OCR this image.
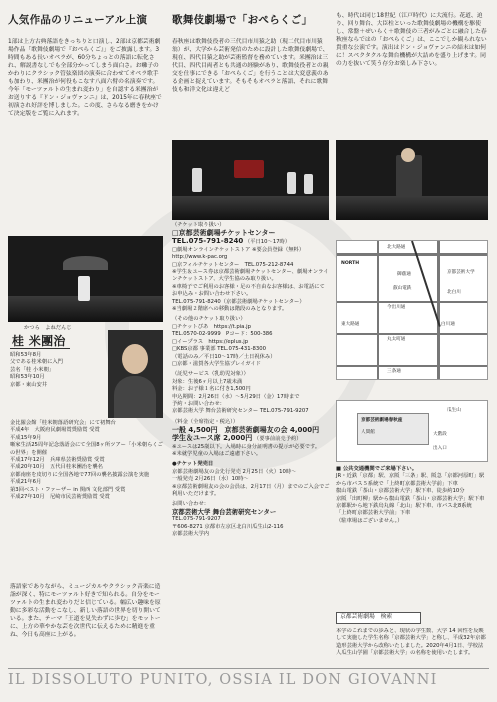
人気作品のリニューアル上演
1部は上方古典落語をきっちりと口演し、2部は京都芸術劇場作品「歌舞伎劇場で『おぺらくご』」をご披露します。3時間もある長いオペラが、60分ちょっとの落語に転化され、解説書なしでも全部分かってしまう面白さ。お囃子のかわりにクラシック管弦楽団の演奏に合わせてオペラ歌手も加わり、米團治が何役もこなす八面六臂の名演奏です。今年「モーツァルトの生まれ変わり」を自認する米團治がお送りする『ドン・ジョヴァンニ』は、2015年に春秋座で初演され好評を博しました。この度、さらなる磨きをかけて決定版をご覧に入れます。
歌舞伎劇場で「おぺらくご」
春秋座は歌舞伎役者の三代目市川猿之助（現二代目市川猿翁）が、大学から芸術発信のために設計した歌舞伎劇場で、現在、四代目猿之助が芸術監督を務めています。米團治は三代目、四代目両者とも共通の経験があり、歌舞伎役者との親交を仕事にできる「おぺらくご」を行うことは大変意義のある企画と捉えています。そもそもオペラと落語、それに歌舞伎も和洋文化は違えど
も、時代は同じ18世紀（江戸時代）に大流行。花道、迫り、回り舞台、大臣柱といった歌舞伎劇場の機構を駆使し、常盤＋ぜいらく＋歌舞伎の三者がみごとに融合した春秋座ならではの「おぺらくご」は、ここでしか観られない貴重な公演です。演出はドン・ジョヴァンニの結末は如何に！スペクタクルな舞台機構が大詰めを盛り上げます。同の力を抜いて笑う存分お楽しみ下さい。
かつら　よねだんじ
桂 米團治
昭和53年8月
父である桂米朝に入門
芸名「桂 小米朝」
昭和53年10月
京都・東山安井
金比羅会館「桂米朝落語研究会」にて初舞台
平成4年　大阪府民劇場賞奨励賞 受賞
平成15年9月
噺家生活25周年記念落語会にて全国8ヶ所ツアー「小米朝らくごの世界」を開催
平成17年12月　兵庫県芸術奨励賞 受賞
平成20年10月　五代目桂米團治を襲名
京都南座を皮切りに全国各地で77回の襲名披露公演を実施
平成21年6月
第3回ベスト・ファーザー in 関西 文化部門 受賞
平成27年10月　尼崎市民芸術奨励賞 受賞
落語家でありながら、ミュージカルやクラシック音楽に造詣が深く、特にモーツァルト好きで知られる。自分をモーツァルトの生まれ変わりだと信じている。幅広い趣味を原動に多彩な活動をこなし、新しい落語の世界を切り開いている。また、テーマ「王道を見失わずに歩む」をモットーに、上方の華やかな芸を次世代に伝えるために精進を重ね、今日も高座に上がる。
（チケット取り扱い）
□京都芸術劇場チケットセンター
TEL.075-791-8240 （平日10〜17時）
□劇場オンラインチケットストア ※要会員登録（無料）
http://www.k-pac.org
□京フィルチケットセンター　TEL.075-212-8744
※学生＆ユース券は京都芸術劇場チケットセンター、劇場オンラインチケットストア、大学生協のみ取り扱い。
※車椅子でご利用のお客様・足の不自由なお客様は、お電話にてお申込み・お問い合わせ下さい。
TEL.075-791-8240（京都芸術劇場チケットセンター）
※当劇場２階席への移動は階段のみとなります。
（その他のチケット取り扱い）
□チケットぴあ　https://t.pia.jp
TEL.0570-02-9999　Pコード：500-386
□イープラス　https://eplus.jp
□KBS京都 事業部 TEL.075-431-8300
（電話のみ／平日10〜17時／土日祝休み）
□京都・滋賀各大学生協プレイガイド
（託児サービス（乳幼児対象））
対象：生後6ヶ月以上7歳未満
料金：お子様１名に付き1,500円
申込期間：2月26日（水）〜5月29日（金）17時まで
予約・お問い合わせ：
京都芸術大学 舞台芸術研究センター TEL.075-791-9207
（料金（全席指定・税込））
一般 4,500円　 京都芸術劇場友の会 4,000円
学生＆ユース席 2,000円 （要事前前売予約）
※ユースは25歳以下。入場時に身分証明書の提示が必要です。
※未就学児童の入場はご遠慮下さい。
●チケット発売日
京都芸術劇場友の会先行発売 2月25日（火）10時〜
一般発売 2月26日（水）10時〜
※京都芸術劇場友の会の会員は、2月17日（月）までのご入会でご利用いただけます。
お問い合わせ：
京都芸術大学 舞台芸術研究センター
TEL.075-791-9207
〒606-8271 京都市左京区北白川瓜生山2-116
京都芸術大学内
北大路通
京都芸術大学
叡山電鉄
今出川通
丸太町通
三条通
白川通
東大路通
御蔭通
北白川
NORTH
京都芸術劇場春秋座
人間館	大階段
出入口
瓜生山
■ 公共交通機関でご来場下さい。
JR・近鉄「京都」駅、京阪「三条」駅、阪急「京都河原町」駅から市バス５系統で「上終町京都芸術大学前」下車
叡山電鉄「茶山・京都芸術大学」駅下車、徒歩約10分
京阪「出町柳」駅から叡山電鉄「茶山・京都芸術大学」駅下車
京都駅から地下鉄烏丸線「北山」駅下車、市バス北8系統
「上終町京都芸術大学前」下車
（駐車場はございません。）
京都芸術劇場　検索
本学のこれまでの歩みと、現状の学生数、大学 14 回性を反映して実施した学生名称「京都芸術大学」と称し、平成32年京都造形芸術大学から改称いたしました。2020年4月1日、学校法人瓜生山学園「京都芸術大学」の名称を使用いたします。
IL DISSOLUTO PUNITO, OSSIA IL DON GIOVANNI
